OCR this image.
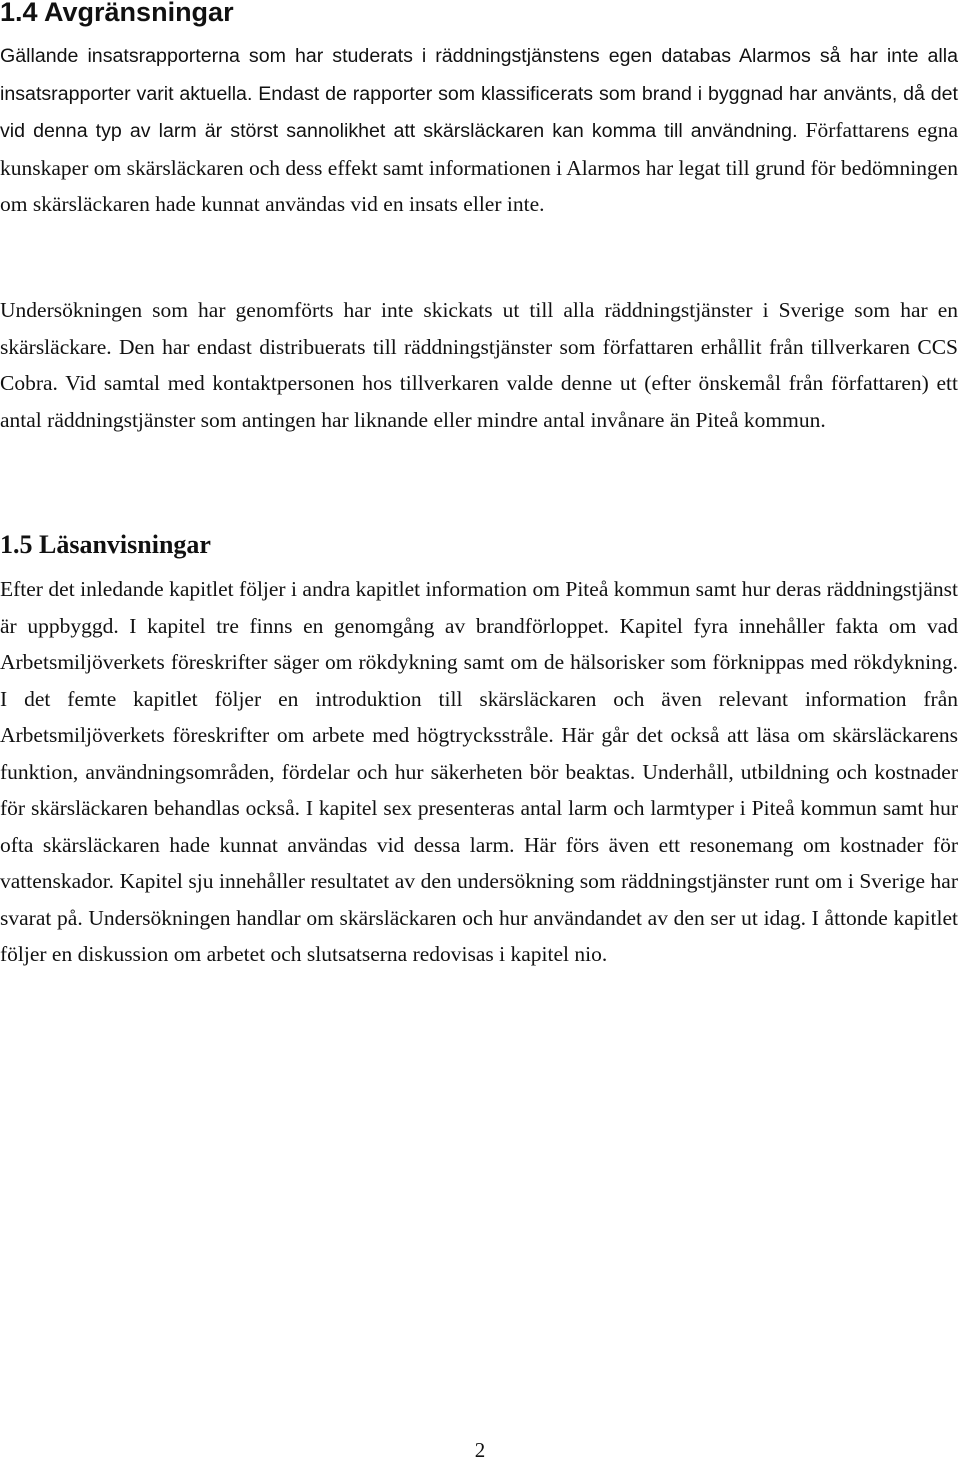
1.4 Avgränsningar

Gällande insatsrapporterna som har studerats i räddningstjänstens egen databas Alarmos så har inte alla insatsrapporter varit aktuella. Endast de rapporter som klassificerats som brand i byggnad har använts, då det vid denna typ av larm är störst sannolikhet att skärsläckaren kan komma till användning. Författarens egna kunskaper om skärsläckaren och dess effekt samt informationen i Alarmos har legat till grund för bedömningen om skärsläckaren hade kunnat användas vid en insats eller inte.

Undersökningen som har genomförts har inte skickats ut till alla räddningstjänster i Sverige som har en skärsläckare. Den har endast distribuerats till räddningstjänster som författaren erhållit från tillverkaren CCS Cobra. Vid samtal med kontaktpersonen hos tillverkaren valde denne ut (efter önskemål från författaren) ett antal räddningstjänster som antingen har liknande eller mindre antal invånare än Piteå kommun.

1.5 Läsanvisningar

Efter det inledande kapitlet följer i andra kapitlet information om Piteå kommun samt hur deras räddningstjänst är uppbyggd. I kapitel tre finns en genomgång av brandförloppet. Kapitel fyra innehåller fakta om vad Arbetsmiljöverkets föreskrifter säger om rökdykning samt om de hälsorisker som förknippas med rökdykning. I det femte kapitlet följer en introduktion till skärsläckaren och även relevant information från Arbetsmiljöverkets föreskrifter om arbete med högtrycksstråle. Här går det också att läsa om skärsläckarens funktion, användningsområden, fördelar och hur säkerheten bör beaktas. Underhåll, utbildning och kostnader för skärsläckaren behandlas också. I kapitel sex presenteras antal larm och larmtyper i Piteå kommun samt hur ofta skärsläckaren hade kunnat användas vid dessa larm. Här förs även ett resonemang om kostnader för vattenskador. Kapitel sju innehåller resultatet av den undersökning som räddningstjänster runt om i Sverige har svarat på. Undersökningen handlar om skärsläckaren och hur användandet av den ser ut idag. I åttonde kapitlet följer en diskussion om arbetet och slutsatserna redovisas i kapitel nio.

2
